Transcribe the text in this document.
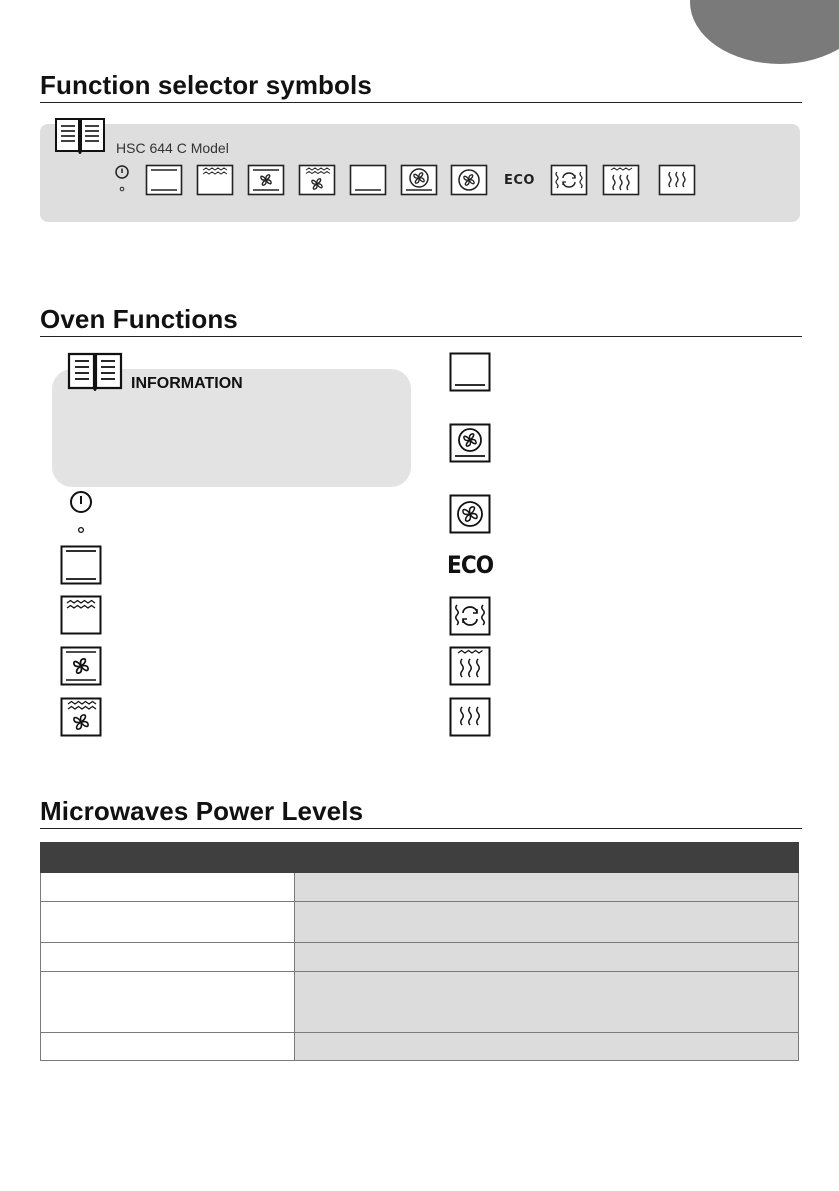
Function selector symbols
HSC 644 C Model
ECO
Oven Functions
INFORMATION
ECO
Microwaves Power Levels
